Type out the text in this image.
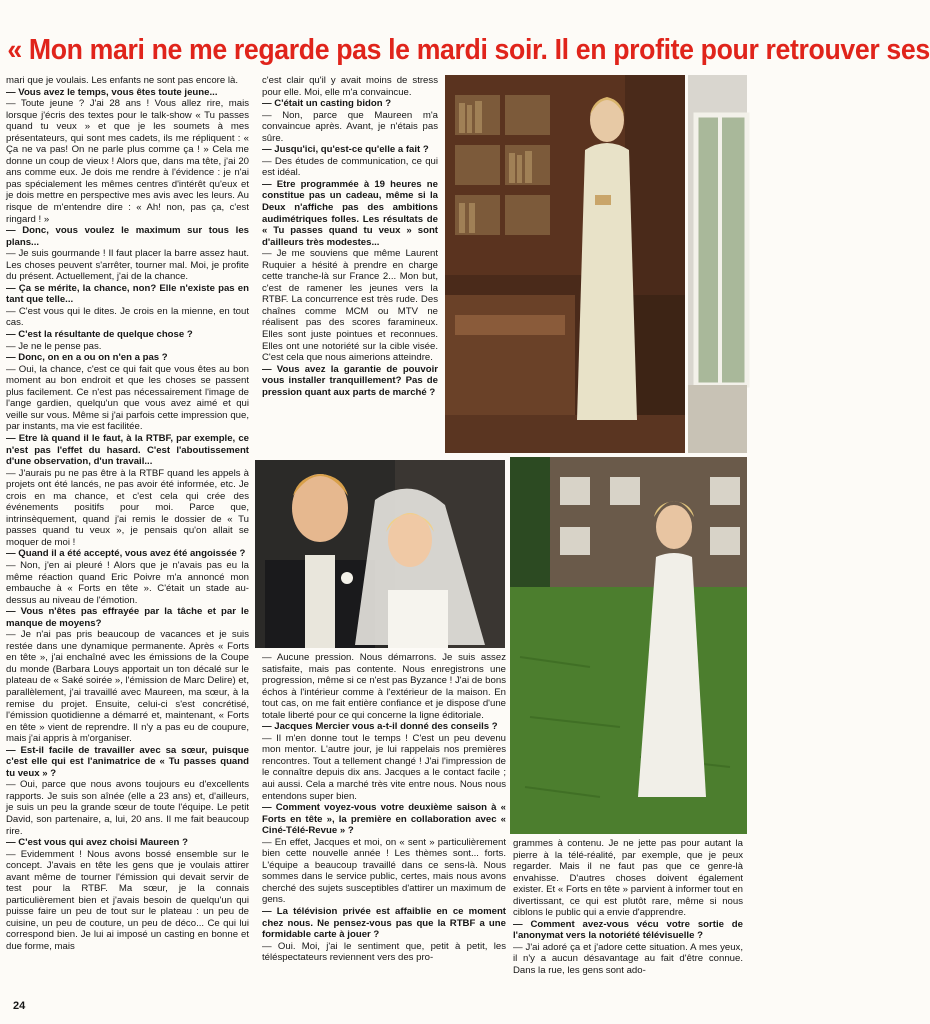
« Mon mari ne me regarde pas le mardi soir. Il en profite pour retrouver ses

mari que je voulais. Les enfants ne sont pas encore là.

— Vous avez le temps, vous êtes toute jeune...

— Toute jeune ? J'ai 28 ans ! Vous allez rire, mais lorsque j'écris des textes pour le talk-show « Tu passes quand tu veux » et que je les soumets à mes présentateurs, qui sont mes cadets, ils me répliquent : « Ça ne va pas! On ne parle plus comme ça ! » Cela me donne un coup de vieux ! Alors que, dans ma tête, j'ai 20 ans comme eux. Je dois me rendre à l'évidence : je n'ai pas spécialement les mêmes centres d'intérêt qu'eux et je dois mettre en perspective mes avis avec les leurs. Au risque de m'entendre dire : « Ah! non, pas ça, c'est ringard ! »

— Donc, vous voulez le maximum sur tous les plans...

— Je suis gourmande ! Il faut placer la barre assez haut. Les choses peuvent s'arrêter, tourner mal. Moi, je profite du présent. Actuellement, j'ai de la chance.

— Ça se mérite, la chance, non? Elle n'existe pas en tant que telle...

— C'est vous qui le dites. Je crois en la mienne, en tout cas.

— C'est la résultante de quelque chose ?

— Je ne le pense pas.

— Donc, on en a ou on n'en a pas ?

— Oui, la chance, c'est ce qui fait que vous êtes au bon moment au bon endroit et que les choses se passent plus facilement. Ce n'est pas nécessairement l'image de l'ange gardien, quelqu'un que vous avez aimé et qui veille sur vous. Même si j'ai parfois cette impression que, par instants, ma vie est facilitée.

— Etre là quand il le faut, à la RTBF, par exemple, ce n'est pas l'effet du hasard. C'est l'aboutissement d'une observation, d'un travail...

— J'aurais pu ne pas être à la RTBF quand les appels à projets ont été lancés, ne pas avoir été informée, etc. Je crois en ma chance, et c'est cela qui crée des événements positifs pour moi. Parce que, intrinsèquement, quand j'ai remis le dossier de « Tu passes quand tu veux », je pensais qu'on allait se moquer de moi !

— Quand il a été accepté, vous avez été angoissée ?

— Non, j'en ai pleuré ! Alors que je n'avais pas eu la même réaction quand Eric Poivre m'a annoncé mon embauche à « Forts en tête ». C'était un stade au-dessus au niveau de l'émotion.

— Vous n'êtes pas effrayée par la tâche et par le manque de moyens?

— Je n'ai pas pris beaucoup de vacances et je suis restée dans une dynamique permanente. Après « Forts en tête », j'ai enchaîné avec les émissions de la Coupe du monde (Barbara Louys apportait un ton décalé sur le plateau de « Saké soirée », l'émission de Marc Delire) et, parallèlement, j'ai travaillé avec Maureen, ma sœur, à la remise du projet. Ensuite, celui-ci s'est concrétisé, l'émission quotidienne a démarré et, maintenant, « Forts en tête » vient de reprendre. Il n'y a pas eu de coupure, mais j'ai appris à m'organiser.

— Est-il facile de travailler avec sa sœur, puisque c'est elle qui est l'animatrice de « Tu passes quand tu veux » ?

— Oui, parce que nous avons toujours eu d'excellents rapports. Je suis son aînée (elle a 23 ans) et, d'ailleurs, je suis un peu la grande sœur de toute l'équipe. Le petit David, son partenaire, a, lui, 20 ans. Il me fait beaucoup rire.

— C'est vous qui avez choisi Maureen ?

— Evidemment ! Nous avons bossé ensemble sur le concept. J'avais en tête les gens que je voulais attirer avant même de tourner l'émission qui devait servir de test pour la RTBF. Ma sœur, je la connais particulièrement bien et j'avais besoin de quelqu'un qui puisse faire un peu de tout sur le plateau : un peu de cuisine, un peu de couture, un peu de déco... Ce qui lui correspond bien. Je lui ai imposé un casting en bonne et due forme, mais

c'est clair qu'il y avait moins de stress pour elle. Moi, elle m'a convaincue.

— C'était un casting bidon ?

— Non, parce que Maureen m'a convaincue après. Avant, je n'étais pas sûre.

— Jusqu'ici, qu'est-ce qu'elle a fait ?

— Des études de communication, ce qui est idéal.

— Etre programmée à 19 heures ne constitue pas un cadeau, même si la Deux n'affiche pas des ambitions audimétriques folles. Les résultats de « Tu passes quand tu veux » sont d'ailleurs très modestes...

— Je me souviens que même Laurent Ruquier a hésité à prendre en charge cette tranche-là sur France 2... Mon but, c'est de ramener les jeunes vers la RTBF. La concurrence est très rude. Des chaînes comme MCM ou MTV ne réalisent pas des scores faramineux. Elles sont juste pointues et reconnues. Elles ont une notoriété sur la cible visée. C'est cela que nous aimerions atteindre.

— Vous avez la garantie de pouvoir vous installer tranquillement? Pas de pression quant aux parts de marché ?

— Aucune pression. Nous démarrons. Je suis assez satisfaite, mais pas contente. Nous enregistrons une progression, même si ce n'est pas Byzance ! J'ai de bons échos à l'intérieur comme à l'extérieur de la maison. En tout cas, on me fait entière confiance et je dispose d'une totale liberté pour ce qui concerne la ligne éditoriale.

— Jacques Mercier vous a-t-il donné des conseils ?

— Il m'en donne tout le temps ! C'est un peu devenu mon mentor. L'autre jour, je lui rappelais nos premières rencontres. Tout a tellement changé ! J'ai l'impression de le connaître depuis dix ans. Jacques a le contact facile ; aui aussi. Cela a marché très vite entre nous. Nous nous entendons super bien.

— Comment voyez-vous votre deuxième saison à « Forts en tête », la première en collaboration avec « Ciné-Télé-Revue » ?

— En effet, Jacques et moi, on « sent » particulièrement bien cette nouvelle année ! Les thèmes sont... forts. L'équipe a beaucoup travaillé dans ce sens-là. Nous sommes dans le service public, certes, mais nous avons cherché des sujets susceptibles d'attirer un maximum de gens.

— La télévision privée est affaiblie en ce moment chez nous. Ne pensez-vous pas que la RTBF a une formidable carte à jouer ?

— Oui. Moi, j'ai le sentiment que, petit à petit, les téléspectateurs reviennent vers des pro-

grammes à contenu. Je ne jette pas pour autant la pierre à la télé-réalité, par exemple, que je peux regarder. Mais il ne faut pas que ce genre-là envahisse. D'autres choses doivent également exister. Et « Forts en tête » parvient à informer tout en divertissant, ce qui est plutôt rare, même si nous ciblons le public qui a envie d'apprendre.

— Comment avez-vous vécu votre sortie de l'anonymat vers la notoriété télévisuelle ?

— J'ai adoré ça et j'adore cette situation. A mes yeux, il n'y a aucun désavantage au fait d'être connue. Dans la rue, les gens sont ado-

24
